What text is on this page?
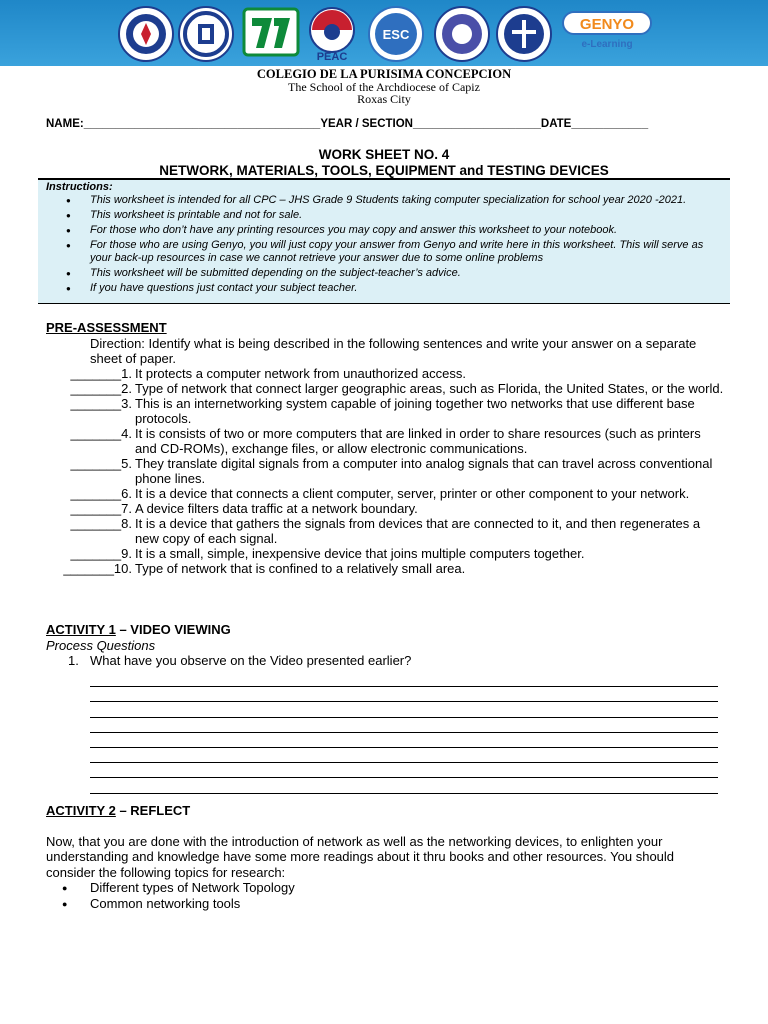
PEAC
ESC
GENYO
e-Learning
COLEGIO DE LA PURISIMA CONCEPCION
The School of the Archdiocese of Capiz
Roxas City
NAME:_____________________________________YEAR / SECTION____________________DATE____________
WORK SHEET NO. 4
NETWORK, MATERIALS, TOOLS, EQUIPMENT and TESTING DEVICES
Instructions:
● This worksheet is intended for all CPC – JHS Grade 9 Students taking computer specialization for school year 2020 -2021.
● This worksheet is printable and not for sale.
● For those who don’t have any printing resources you may copy and answer this worksheet to your notebook.
● For those who are using Genyo, you will just copy your answer from Genyo and write here in this worksheet. This will serve as your back-up resources in case we cannot retrieve your answer due to some online problems
● This worksheet will be submitted depending on the subject-teacher’s advice.
● If you have questions just contact your subject teacher.
PRE-ASSESSMENT
Direction: Identify what is being described in the following sentences and write your answer on a separate sheet of paper.
_______1. It protects a computer network from unauthorized access.
_______2. Type of network that connect larger geographic areas, such as Florida, the United States, or the world.
_______3. This is an internetworking system capable of joining together two networks that use different base protocols.
_______4. It is consists of two or more computers that are linked in order to share resources (such as printers and CD-ROMs), exchange files, or allow electronic communications.
_______5. They translate digital signals from a computer into analog signals that can travel across conventional phone lines.
_______6. It is a device that connects a client computer, server, printer or other component to your network.
_______7. A device filters data traffic at a network boundary.
_______8. It is a device that gathers the signals from devices that are connected to it, and then regenerates a new copy of each signal.
_______9. It is a small, simple, inexpensive device that joins multiple computers together.
_______10. Type of network that is confined to a relatively small area.
ACTIVITY 1 – VIDEO VIEWING
Process Questions
1. What have you observe on the Video presented earlier?
ACTIVITY 2 – REFLECT
Now, that you are done with the introduction of network as well as the networking devices, to enlighten your understanding and knowledge have some more readings about it thru books and other resources. You should consider the following topics for research:
● Different types of Network Topology
● Common networking tools
